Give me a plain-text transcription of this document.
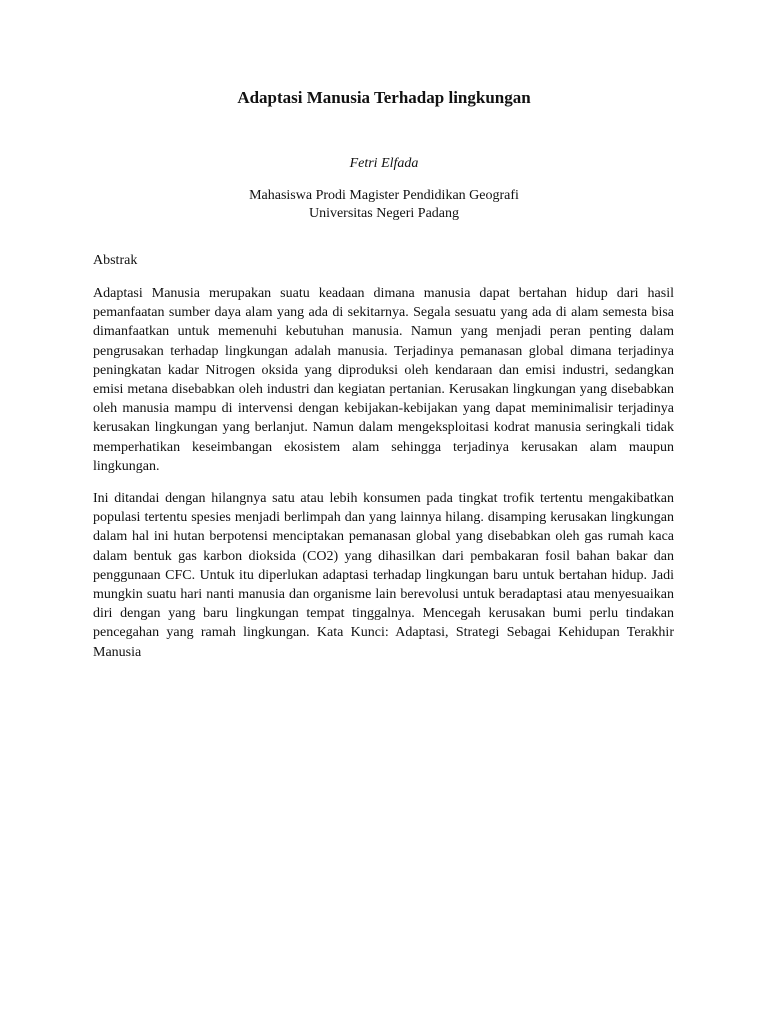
Adaptasi Manusia Terhadap lingkungan

Fetri Elfada

Mahasiswa Prodi Magister Pendidikan Geografi
Universitas Negeri Padang

Abstrak

Adaptasi Manusia merupakan suatu keadaan dimana manusia dapat bertahan hidup dari hasil pemanfaatan sumber daya alam yang ada di sekitarnya. Segala sesuatu yang ada di alam semesta bisa dimanfaatkan untuk memenuhi kebutuhan manusia. Namun yang menjadi peran penting dalam pengrusakan terhadap lingkungan adalah manusia. Terjadinya pemanasan global dimana terjadinya peningkatan kadar Nitrogen oksida yang diproduksi oleh kendaraan dan emisi industri, sedangkan emisi metana disebabkan oleh industri dan kegiatan pertanian. Kerusakan lingkungan yang disebabkan oleh manusia mampu di intervensi dengan kebijakan-kebijakan yang dapat meminimalisir terjadinya kerusakan lingkungan yang berlanjut. Namun dalam mengeksploitasi kodrat manusia seringkali tidak memperhatikan keseimbangan ekosistem alam sehingga terjadinya kerusakan alam maupun lingkungan.

Ini ditandai dengan hilangnya satu atau lebih konsumen pada tingkat trofik tertentu mengakibatkan populasi tertentu spesies menjadi berlimpah dan yang lainnya hilang. disamping kerusakan lingkungan dalam hal ini hutan berpotensi menciptakan pemanasan global yang disebabkan oleh gas rumah kaca dalam bentuk gas karbon dioksida (CO2) yang dihasilkan dari pembakaran fosil bahan bakar dan penggunaan CFC. Untuk itu diperlukan adaptasi terhadap lingkungan baru untuk bertahan hidup. Jadi mungkin suatu hari nanti manusia dan organisme lain berevolusi untuk beradaptasi atau menyesuaikan diri dengan yang baru lingkungan tempat tinggalnya. Mencegah kerusakan bumi perlu tindakan pencegahan yang ramah lingkungan. Kata Kunci: Adaptasi, Strategi Sebagai Kehidupan Terakhir Manusia
